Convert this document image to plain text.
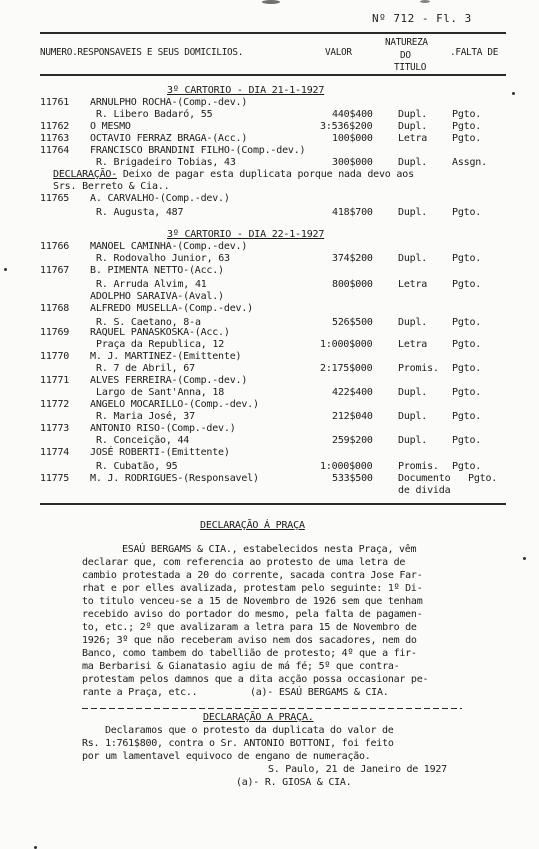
Nº 712 - Fl. 3
NUMERO.RESPONSAVEIS E SEUS DOMICILIOS.	VALOR
NATUREZA
DO
TITULO
.FALTA DE
3º CARTORIO - DIA 21-1-1927
11761 ARNULPHO ROCHA-(Comp.-dev.)
R. Libero Badaró, 55	440$400	Dupl. Pgto.
11762 O MESMO	3:536$200	Dupl. Pgto.
11763 OCTAVIO FERRAZ BRAGA-(Acc.)	100$000	Letra Pgto.
11764 FRANCISCO BRANDINI FILHO-(Comp.-dev.)
R. Brigadeiro Tobias, 43	300$000	Dupl. Assgn.
DECLARAÇÃO- Deixo de pagar esta duplicata porque nada devo aos
Srs. Berreto & Cia..
11765 A. CARVALHO-(Comp.-dev.)
R. Augusta, 487	418$700	Dupl. Pgto.
3º CARTORIO - DIA 22-1-1927
11766 MANOEL CAMINHA-(Comp.-dev.)
R. Rodovalho Junior, 63	374$200	Dupl. Pgto.
11767 B. PIMENTA NETTO-(Acc.)
R. Arruda Alvim, 41	800$000	Letra Pgto.
ADOLPHO SARAIVA-(Aval.)
11768 ALFREDO MUSELLA-(Comp.-dev.)
R. S. Caetano, 8-a	526$500	Dupl. Pgto.
11769 RAQUEL PANASKOSKA-(Acc.)
Praça da Republica, 12	1:000$000	Letra Pgto.
11770 M. J. MARTINEZ-(Emittente)
R. 7 de Abril, 67	2:175$000	Promis. Pgto.
11771 ALVES FERREIRA-(Comp.-dev.)
Largo de Sant'Anna, 18	422$400	Dupl. Pgto.
11772 ANGELO MOCARILLO-(Comp.-dev.)
R. Maria José, 37	212$040	Dupl. Pgto.
11773 ANTONIO RISO-(Comp.-dev.)
R. Conceição, 44	259$200	Dupl. Pgto.
11774 JOSÉ ROBERTI-(Emittente)
R. Cubatão, 95	1:000$000	Promis. Pgto.
11775 M. J. RODRIGUES-(Responsavel)	533$500	Documento Pgto.
de divida
DECLARAÇÃO Á PRAÇA
ESAÚ BERGAMS & CIA., estabelecidos nesta Praça, vêm
declarar que, com referencia ao protesto de uma letra de
cambio protestada a 20 do corrente, sacada contra Jose Far-
rhat e por elles avalizada, protestam pelo seguinte: 1º Di-
to titulo venceu-se a 15 de Novembro de 1926 sem que tenham
recebido aviso do portador do mesmo, pela falta de pagamen-
to, etc.; 2º que avalizaram a letra para 15 de Novembro de
1926; 3º que não receberam aviso nem dos sacadores, nem do
Banco, como tambem do tabellião de protesto; 4º que a fir-
ma Berbarisi & Gianatasio agiu de má fé; 5º que contra-
protestam pelos damnos que a dita acção possa occasionar pe-
rante a Praça, etc..	(a)- ESAÚ BERGAMS & CIA.
DECLARAÇÃO A PRAÇA.
Declaramos que o protesto da duplicata do valor de
Rs. 1:761$800, contra o Sr. ANTONIO BOTTONI, foi feito
por um lamentavel equivoco de engano de numeração.
S. Paulo, 21 de Janeiro de 1927
(a)- R. GIOSA & CIA.
